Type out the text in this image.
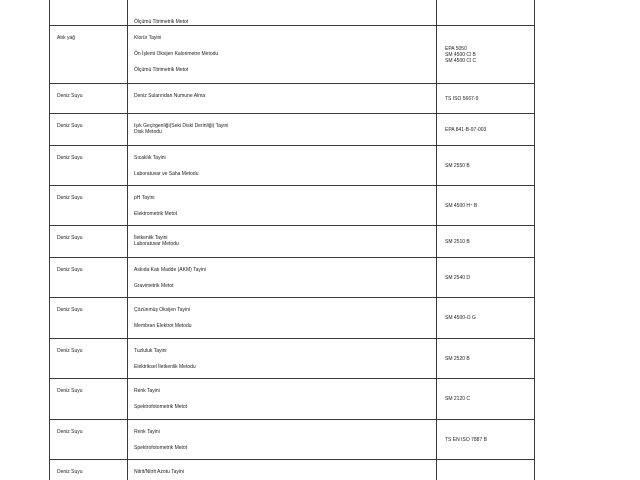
	Ölçümü Titrimetrik Metot	

Atık yağ	Klorür Tayini
Ön İşlemi Oksijen Kalorimetre Metodu
Ölçümü Titrimetrik Metot	EPA 5050
SM 4500 Cl B
SM 4500 Cl C

Deniz Suyu	Deniz Sularından Numune Alma	TS ISO 5667-9

Deniz Suyu	Işık Geçirgenliği(Seki Diski Derinliği) Tayini
Disk Metodu	EPA 841-B-97-003

Deniz Suyu	Sıcaklık Tayini
Laboratuvar ve Saha Metodu	SM 2550 B

Deniz Suyu	pH Tayini
Elektrometrik Metot	SM 4500 H⁺ B

Deniz Suyu	İletkenlik Tayini
Laboratuvar Metodu	SM 2510 B

Deniz Suyu	Askıda Katı Madde (AKM) Tayini
Gravimetrik Metot	SM 2540 D

Deniz Suyu	Çözünmüş Oksijen Tayini
Membran Elektrot Metodu	SM 4500-O G

Deniz Suyu	Tuzluluk Tayini
Elektriksel İletkenlik Metodu	SM 2520 B

Deniz Suyu	Renk Tayini
Spektrofotometrik Metot	SM 2120 C

Deniz Suyu	Renk Tayini
Spektrofotometrik Metot	TS EN ISO 7887 B

Deniz Suyu	Nitrit/Nitrit Azotu Tayini	
